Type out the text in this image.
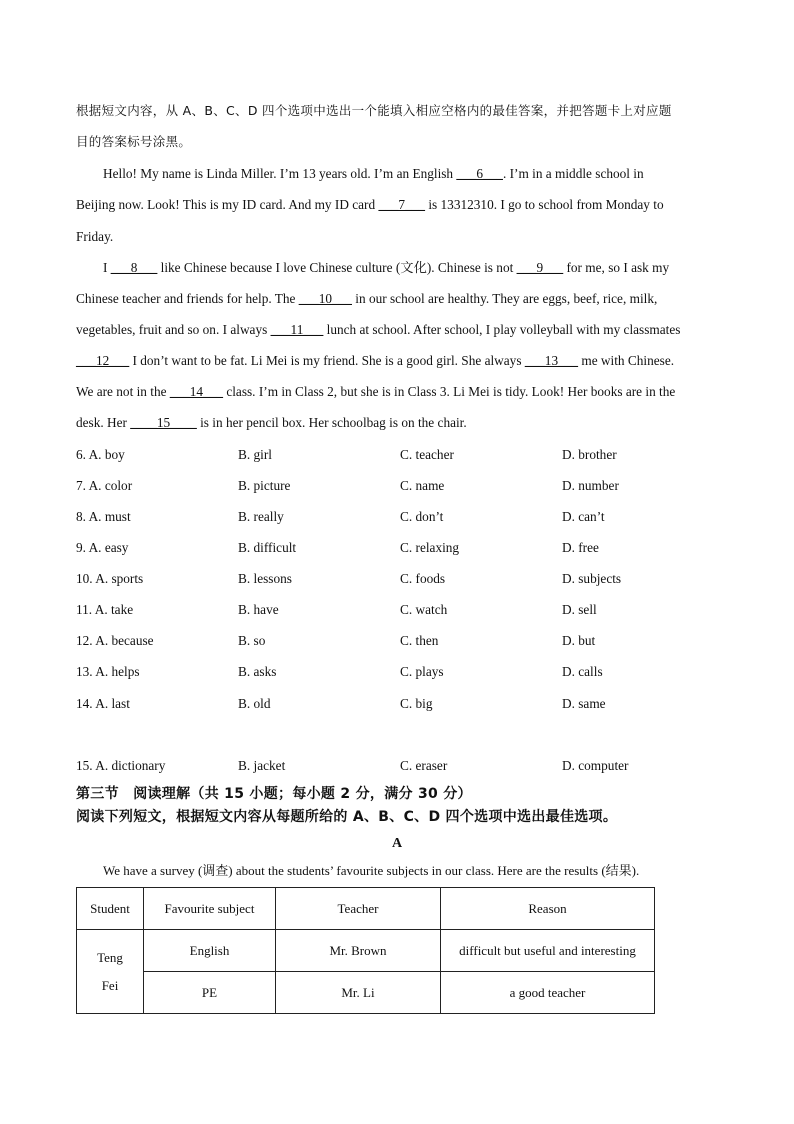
根据短文内容，从 A、B、C、D 四个选项中选出一个能填入相应空格内的最佳答案，并把答题卡上对应题
目的答案标号涂黑。
Hello! My name is Linda Miller. I’m 13 years old. I’m an English ___6___. I’m in a middle school in
Beijing now. Look! This is my ID card. And my ID card ___7___ is 13312310. I go to school from Monday to
Friday.
I ___8___ like Chinese because I love Chinese culture (文化). Chinese is not ___9___ for me, so I ask my
Chinese teacher and friends for help. The ___10___ in our school are healthy. They are eggs, beef, rice, milk,
vegetables, fruit and so on. I always ___11___ lunch at school. After school, I play volleyball with my classmates
___12___ I don’t want to be fat. Li Mei is my friend. She is a good girl. She always ___13___ me with Chinese.
We are not in the ___14___ class. I’m in Class 2, but she is in Class 3. Li Mei is tidy. Look! Her books are in the
desk. Her ____15____ is in her pencil box. Her schoolbag is on the chair.
6. A. boy	B. girl	C. teacher	D. brother
7. A. color	B. picture	C. name	D. number
8. A. must	B. really	C. don’t	D. can’t
9. A. easy	B. difficult	C. relaxing	D. free
10. A. sports	B. lessons	C. foods	D. subjects
11. A. take	B. have	C. watch	D. sell
12. A. because	B. so	C. then	D. but
13. A. helps	B. asks	C. plays	D. calls
14. A. last	B. old	C. big	D. same
15. A. dictionary	B. jacket	C. eraser	D. computer
第三节　阅读理解（共 15 小题；每小题 2 分，满分 30 分）
阅读下列短文，根据短文内容从每题所给的 A、B、C、D 四个选项中选出最佳选项。
A
We have a survey (调查) about the students’ favourite subjects in our class. Here are the results (结果).
Student	Favourite subject	Teacher	Reason

Teng
Fei	English	Mr. Brown	difficult but useful and interesting
	PE	Mr. Li	a good teacher
